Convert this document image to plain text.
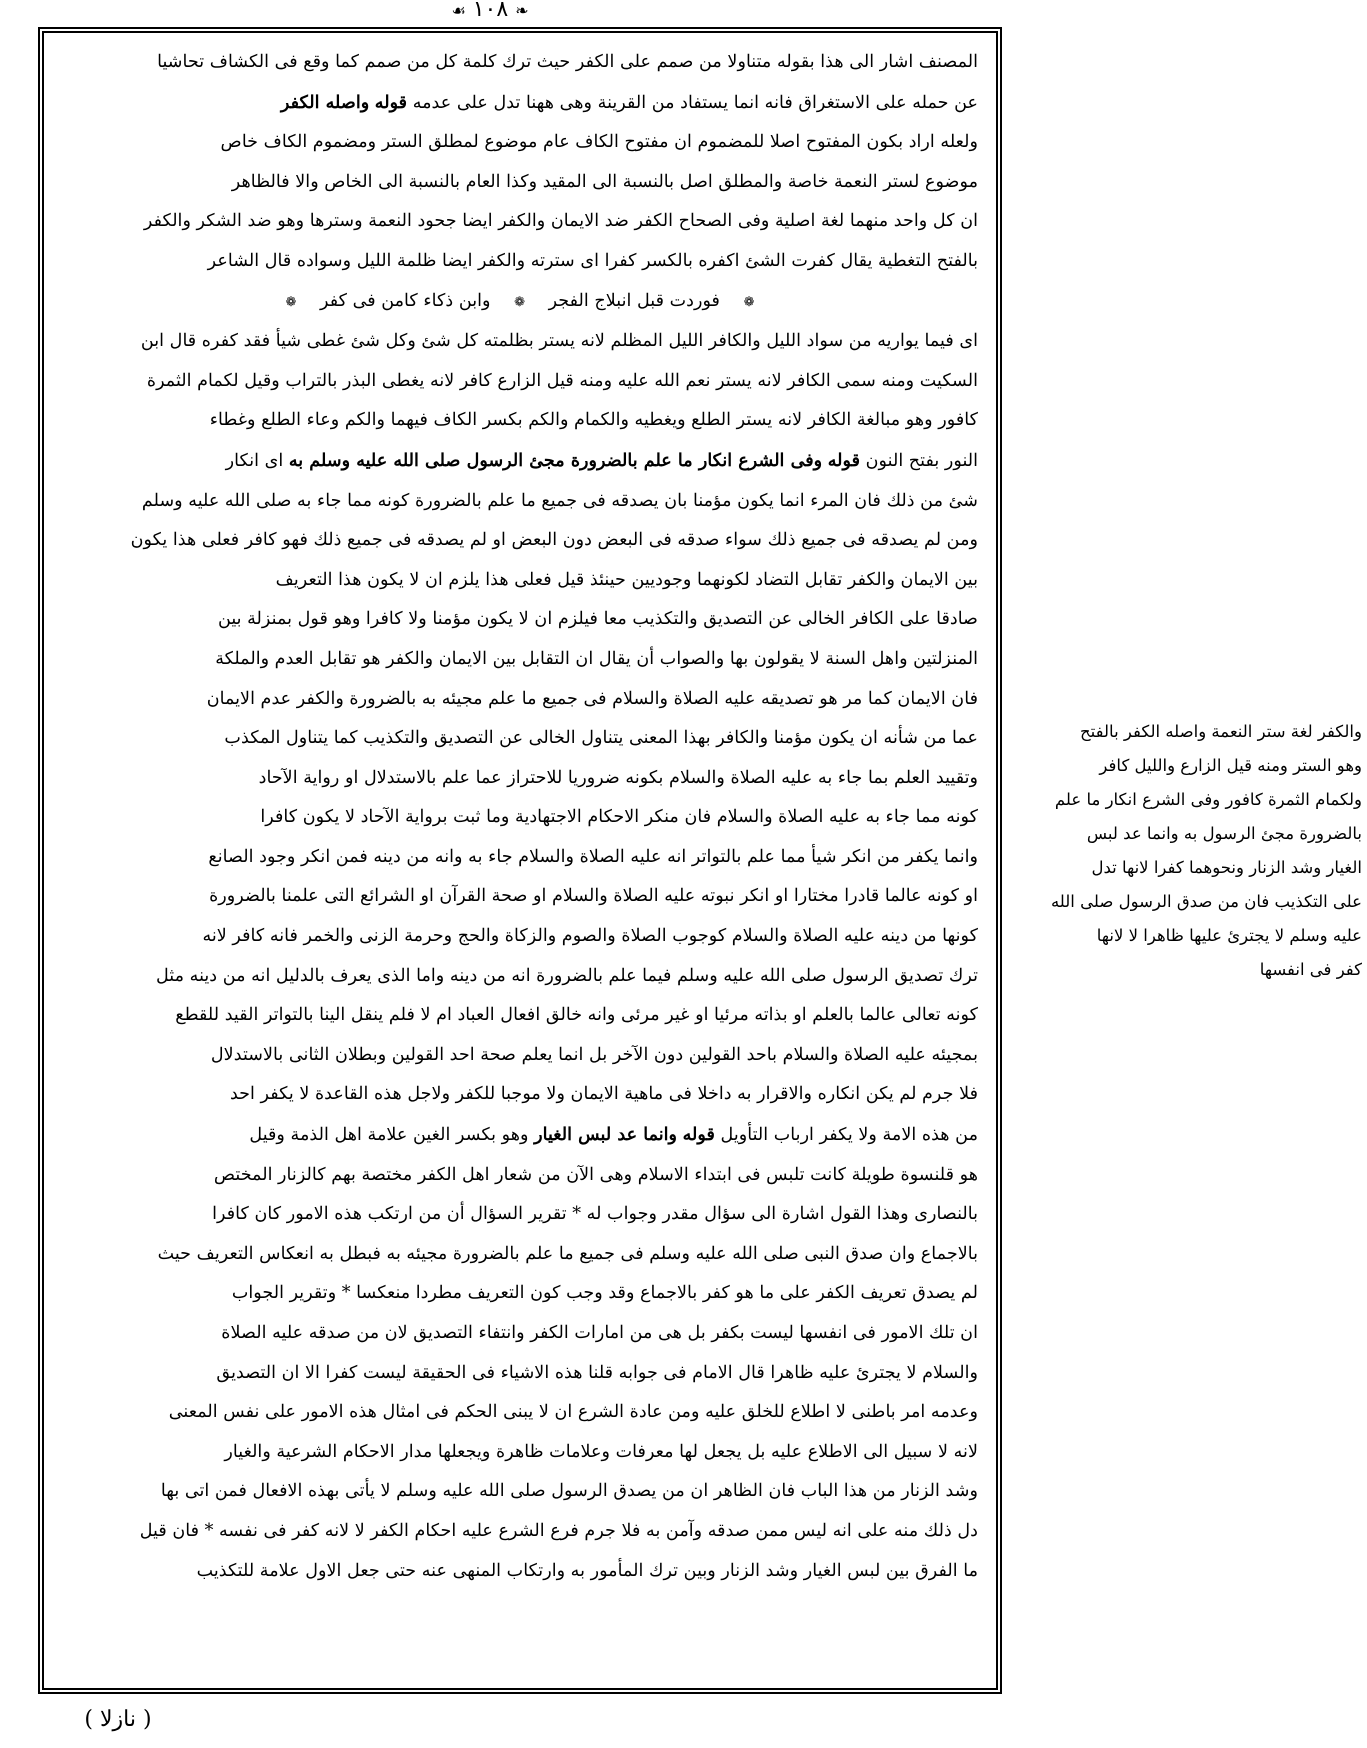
❧ ١٠٨ ☙
المصنف اشار الى هذا بقوله متناولا من صمم على الكفر حيث ترك كلمة كل من صمم كما وقع فى الكشاف تحاشيا
عن حمله على الاستغراق فانه انما يستفاد من القرينة وهى ههنا تدل على عدمه قوله واصله الكفر
ولعله اراد بكون المفتوح اصلا للمضموم ان مفتوح الكاف عام موضوع لمطلق الستر ومضموم الكاف خاص
موضوع لستر النعمة خاصة والمطلق اصل بالنسبة الى المقيد وكذا العام بالنسبة الى الخاص والا فالظاهر
ان كل واحد منهما لغة اصلية وفى الصحاح الكفر ضد الايمان والكفر ايضا جحود النعمة وسترها وهو ضد الشكر والكفر
بالفتح التغطية يقال كفرت الشئ اكفره بالكسر كفرا اى سترته والكفر ايضا ظلمة الليل وسواده قال الشاعر
❁ فوردت قبل انبلاج الفجر ❁ وابن ذكاء كامن فى كفر ❁
اى فيما يواريه من سواد الليل والكافر الليل المظلم لانه يستر بظلمته كل شئ وكل شئ غطى شيأ فقد كفره قال ابن
السكيت ومنه سمى الكافر لانه يستر نعم الله عليه ومنه قيل الزارع كافر لانه يغطى البذر بالتراب وقيل لكمام الثمرة
كافور وهو مبالغة الكافر لانه يستر الطلع ويغطيه والكمام والكم بكسر الكاف فيهما والكم وعاء الطلع وغطاء
النور بفتح النون قوله وفى الشرع انكار ما علم بالضرورة مجئ الرسول صلى الله عليه وسلم به اى انكار
شئ من ذلك فان المرء انما يكون مؤمنا بان يصدقه فى جميع ما علم بالضرورة كونه مما جاء به صلى الله عليه وسلم
ومن لم يصدقه فى جميع ذلك سواء صدقه فى البعض دون البعض او لم يصدقه فى جميع ذلك فهو كافر فعلى هذا يكون
بين الايمان والكفر تقابل التضاد لكونهما وجوديين حينئذ قيل فعلى هذا يلزم ان لا يكون هذا التعريف
صادقا على الكافر الخالى عن التصديق والتكذيب معا فيلزم ان لا يكون مؤمنا ولا كافرا وهو قول بمنزلة بين
المنزلتين واهل السنة لا يقولون بها والصواب أن يقال ان التقابل بين الايمان والكفر هو تقابل العدم والملكة
فان الايمان كما مر هو تصديقه عليه الصلاة والسلام فى جميع ما علم مجيئه به بالضرورة والكفر عدم الايمان
عما من شأنه ان يكون مؤمنا والكافر بهذا المعنى يتناول الخالى عن التصديق والتكذيب كما يتناول المكذب
وتقييد العلم بما جاء به عليه الصلاة والسلام بكونه ضروريا للاحتراز عما علم بالاستدلال او رواية الآحاد
كونه مما جاء به عليه الصلاة والسلام فان منكر الاحكام الاجتهادية وما ثبت برواية الآحاد لا يكون كافرا
وانما يكفر من انكر شيأ مما علم بالتواتر انه عليه الصلاة والسلام جاء به وانه من دينه فمن انكر وجود الصانع
او كونه عالما قادرا مختارا او انكر نبوته عليه الصلاة والسلام او صحة القرآن او الشرائع التى علمنا بالضرورة
كونها من دينه عليه الصلاة والسلام كوجوب الصلاة والصوم والزكاة والحج وحرمة الزنى والخمر فانه كافر لانه
ترك تصديق الرسول صلى الله عليه وسلم فيما علم بالضرورة انه من دينه واما الذى يعرف بالدليل انه من دينه مثل
كونه تعالى عالما بالعلم او بذاته مرئيا او غير مرئى وانه خالق افعال العباد ام لا فلم ينقل الينا بالتواتر القيد للقطع
بمجيئه عليه الصلاة والسلام باحد القولين دون الآخر بل انما يعلم صحة احد القولين وبطلان الثانى بالاستدلال
فلا جرم لم يكن انكاره والاقرار به داخلا فى ماهية الايمان ولا موجبا للكفر ولاجل هذه القاعدة لا يكفر احد
من هذه الامة ولا يكفر ارباب التأويل قوله وانما عد لبس الغيار وهو بكسر الغين علامة اهل الذمة وقيل
هو قلنسوة طويلة كانت تلبس فى ابتداء الاسلام وهى الآن من شعار اهل الكفر مختصة بهم كالزنار المختص
بالنصارى وهذا القول اشارة الى سؤال مقدر وجواب له * تقرير السؤال أن من ارتكب هذه الامور كان كافرا
بالاجماع وان صدق النبى صلى الله عليه وسلم فى جميع ما علم بالضرورة مجيئه به فبطل به انعكاس التعريف حيث
لم يصدق تعريف الكفر على ما هو كفر بالاجماع وقد وجب كون التعريف مطردا منعكسا * وتقرير الجواب
ان تلك الامور فى انفسها ليست بكفر بل هى من امارات الكفر وانتفاء التصديق لان من صدقه عليه الصلاة
والسلام لا يجترئ عليه ظاهرا قال الامام فى جوابه قلنا هذه الاشياء فى الحقيقة ليست كفرا الا ان التصديق
وعدمه امر باطنى لا اطلاع للخلق عليه ومن عادة الشرع ان لا يبنى الحكم فى امثال هذه الامور على نفس المعنى
لانه لا سبيل الى الاطلاع عليه بل يجعل لها معرفات وعلامات ظاهرة ويجعلها مدار الاحكام الشرعية والغيار
وشد الزنار من هذا الباب فان الظاهر ان من يصدق الرسول صلى الله عليه وسلم لا يأتى بهذه الافعال فمن اتى بها
دل ذلك منه على انه ليس ممن صدقه وآمن به فلا جرم فرع الشرع عليه احكام الكفر لا لانه كفر فى نفسه * فان قيل
ما الفرق بين لبس الغيار وشد الزنار وبين ترك المأمور به وارتكاب المنهى عنه حتى جعل الاول علامة للتكذيب
والكفر لغة ستر النعمة واصله الكفر بالفتح
وهو الستر ومنه قيل الزارع والليل كافر
ولكمام الثمرة كافور وفى الشرع انكار ما علم
بالضرورة مجئ الرسول به وانما عد لبس
الغيار وشد الزنار ونحوهما كفرا لانها تدل
على التكذيب فان من صدق الرسول صلى الله
عليه وسلم لا يجترئ عليها ظاهرا لا لانها
كفر فى انفسها
( نازلا )
